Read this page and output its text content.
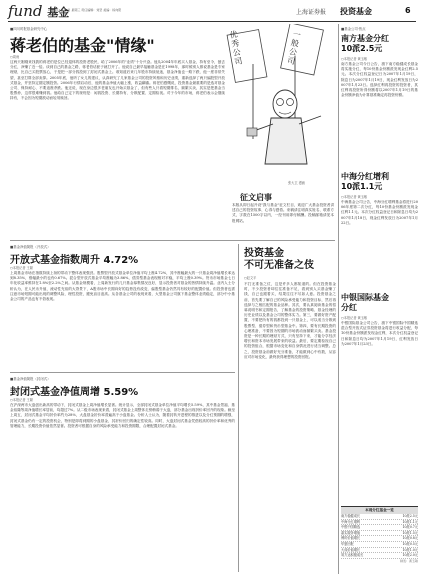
fund 基金
2007年1月17日 星期三 责任编辑：刘坚 美编：杨向阳	上海证券报 投资基金	6
■四川时报基金研究中心
蒋老伯的基金"情缘"
○周雨
这两天刚刚来找我的蒋老伯是位已经退休的投资老股民，给了2006年的"业绩"十分兴奋。他从2004年年底买入基金，持有至今，刨去分红，净赚了近一倍。谈到自己的基金之路，蒋老伯话匣子就打开了。他说自己最早接触基金是在1998年，那时候别人都说基金是专家理财，比自己买股票放心，于是把一部分钱投到了封闭式基金上。谁知道后来几年股市持续低迷，基金净值也一路下跌，他一度非常失望，甚至打算全部卖掉。2005年底，他听了女儿的建议，认真研究了几家基金公司的投资风格和历史业绩，重新选择了两只偏股型开放式基金，并坚持定期定额投资。2006年行情启动后，他的基金净值大幅上涨，收益翻番。蒋老伯感慨说，投资基金最重要的是选对基金公司、保持耐心、不要追涨杀跌。他还说，现在身边很多老朋友也开始买基金了，但有些人只看短期排名，频繁买卖，其实是把基金当股票炒，这样很难赚到钱。他给自己定下的规则是：闲钱投资、长期持有、分散配置、定期检视。对于今年的市场，蒋老伯表示会继续持有，不会因为短期波动而轻易赎回。
优秀公司
一般公司
张大卫 漫画
征文启事
本版从即日起开设"我与基金"征文栏目，欢迎广大基金投资者讲述自己的投资故事、心得与感悟。来稿请注明真实姓名、联系方式，字数在1500字以内，一经刊用即付稿酬。投稿邮箱请见本报网站。
■基金净值简报（开放式）
开放式基金指数周升 4.72%
○本报记者 王颖
上周基金市场在指数持续上扬的带动下整体表现强劲。股票型开放式基金单位净值平均上涨4.72%，其中涨幅最大的一只基金周净值增长率达到8.35%，涨幅最小的也有0.67%。混合型开放式基金平均涨幅为3.86%，债券型基金表现相对平稳，平均上涨0.39%。货币市场基金七日年化收益率维持在1.8%至2.2%之间。从基金规模看，上周新发行的几只基金募集情况良好，显示投资者对基金的热情持续升温。业内人士分析认为，在人民币升值、流动性充裕的大背景下，A股市场中长期向好的趋势没有改变，偏股型基金仍然具有较好的配置价值。但投资者也需注意市场短期可能出现的调整风险，理性投资，避免盲目追高。从各基金公司的表现来看，大型基金公司旗下基金整体业绩稳定，部分中小基金公司的产品也有不俗表现。
■基金净值简报（封闭式）
封闭式基金净值周增 5.59%
○本报记者 王颖
在沪深两市大盘创出新高的带动下，封闭式基金上周净值增长显著。统计显示，全部封闭式基金单位净值平均增长5.59%，其中基金景福、基金裕隆等周净值增长率居前，均超过7%。从二级市场表现来看，封闭式基金上周整体走势稍弱于大盘，部分基金出现折价率回升的现象。截至上周五，封闭式基金平均折价率约为28%，大盘基金折价率普遍高于小盘基金。分析人士认为，随着封转开进程的推进以及分红预期的增强，封闭式基金仍有一定的投资机会，特别是即将到期的小盘基金，其折价回归的确定性较高。同时，大盘封闭式基金凭借较高的折价率和优秀的管理能力，长期投资价值依然显著。投资者可根据自身的风险承受能力和投资期限，合理配置封闭式基金。
投资基金
不可无准备之伎
○赵文平
不打无准备之仗，这是许多人都知道的。但在投资基金时，不少投资者却往往准备不足，看到别人买基金赚了钱，自己也跟着买，结果往往不尽如人意。投资基金之前，首先要了解自己的风险承受能力和投资目标，然后再选择与之相匹配的基金品种。其次，要认真阅读基金的招募说明书和定期报告，了解基金的投资策略、基金经理的历史业绩以及基金公司的整体实力。第三，要做好资产配置，不要把所有的钱都投到一只基金上，可以适当分散到股票型、债券型和货币型基金中。第四，要有长期投资的心理准备，不要因为短期的市场波动而频繁买卖。基金投资是一种长期的理财方式，只有坚持下来，才能分享经济增长和资本市场发展带来的收益。最后，要定期检视自己的投资组合，根据市场变化和自身情况进行适当调整。总之，投资基金前做好充分准备，才能做到心中有数，从容应对市场变化，最终获得理想的投资回报。
■基金公司·热点
南方基金分红
10派2.5元
○本报记者 黄玉敏
南方基金公司今日公告，旗下南方稳健成长基金将实施分红，每10份基金份额派发现金红利2.5元。本次分红权益登记日为2007年1月19日，除息日为2007年1月19日，现金红利发放日为2007年1月23日。选择红利再投资的投资者，其红利再投资所得份额将以2007年1月19日的基金份额净值为计算基准确定再投资份额。
中海分红增利
10派1.1元
○本报记者 黄玉敏
中海基金公司公告，中海分红增利基金将进行2006年度第二次分红，每10份基金份额派发现金红利1.1元。本次分红权益登记日和除息日均为2007年1月18日，现金红利发放日为2007年1月22日。
中银国际基金
分红
○本报记者 黄玉敏
中银国际基金公司公告，旗下中银国际中国精选混合型开放式证券投资基金将进行收益分配，每10份基金份额派发现金红利，本次分红权益登记日和除息日均为2007年1月19日，红利发放日为2007年1月23日。
本周分红基金一览
南方稳健成长	10派2.5元
中海分红增利	10派1.1元
中银中国精选	10派0.7元
嘉实服务增值	10派1.5元
博时价值增长	10派0.8元
华夏回报	10派0.5元
大成价值增长	10派1.0元
易方达积极成长	10派2.0元
制表：黄玉敏
